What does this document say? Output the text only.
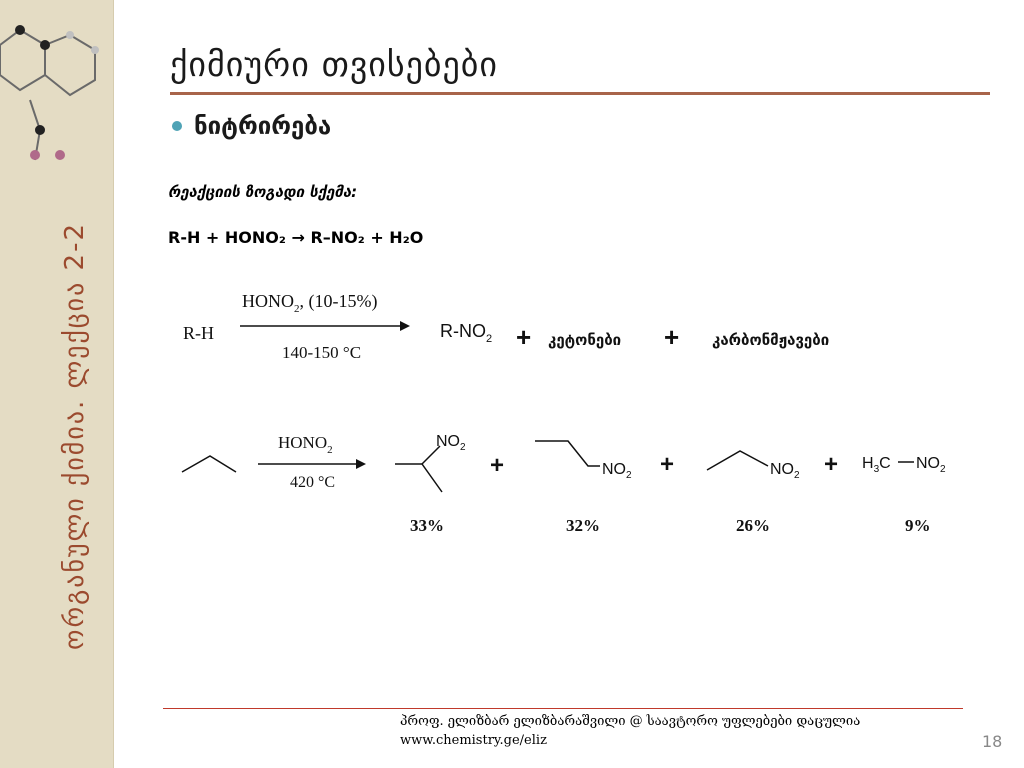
ორგანული ქიმია. ლექცია 2-2
ქიმიური თვისებები
ნიტრირება
რეაქციის ზოგადი სქემა:
R-H + HONO₂ → R–NO₂ + H₂O
R-H
$HONO_2$, (10-15%)
140-150 °C
$R-NO_2$ + კეტონები + კარბონმჟავები
$HONO_2$
420 °C
$NO_2$
+	$NO_2$ +	$NO_2 + H_3C$ $NO_2$
33%	32%	26%	9%
პროფ. ელიზბარ ელიზბარაშვილი @ საავტორო უფლებები დაცულია
www.chemistry.ge/eliz	18
